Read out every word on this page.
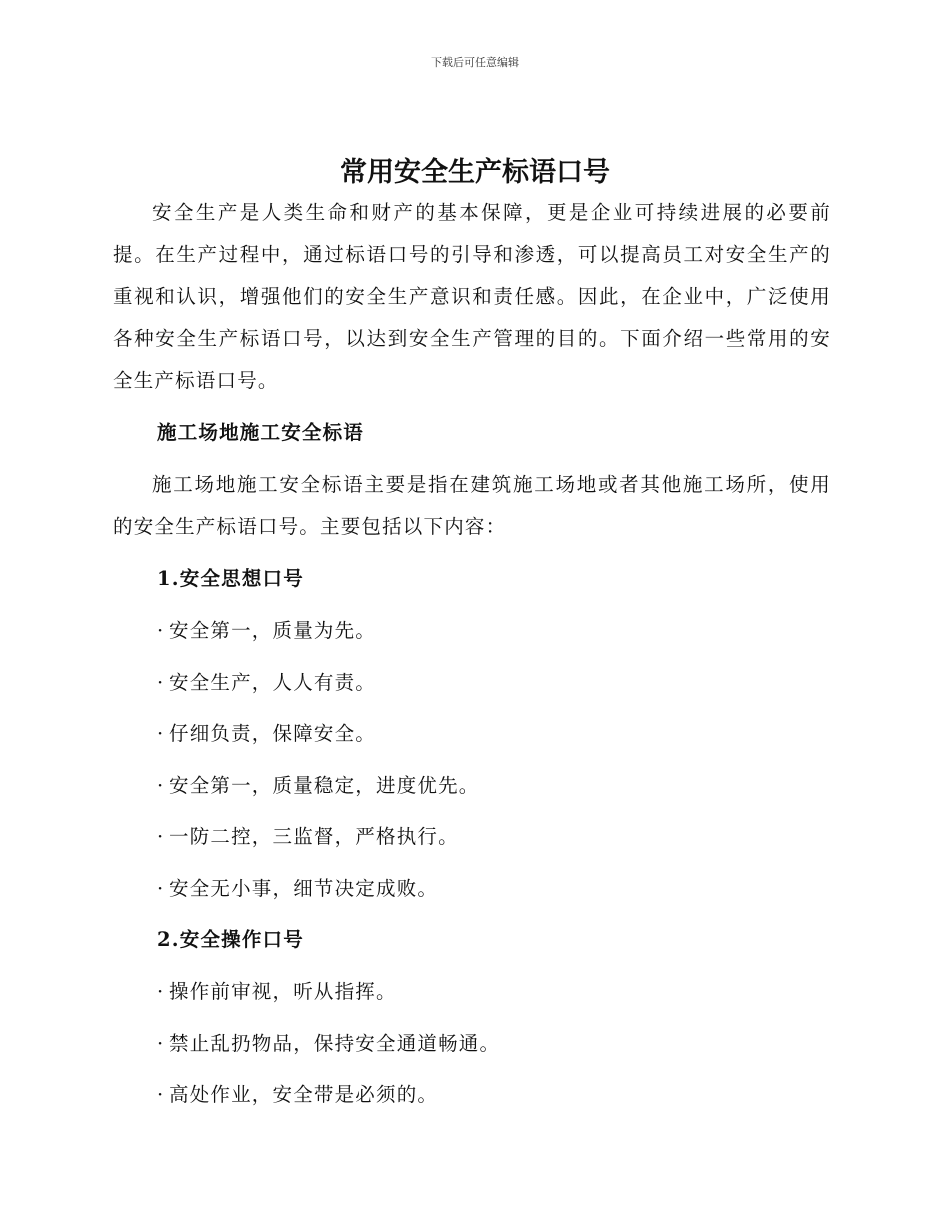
下载后可任意编辑
常用安全生产标语口号

安全生产是人类生命和财产的基本保障，更是企业可持续进展的必要前提。在生产过程中，通过标语口号的引导和渗透，可以提高员工对安全生产的重视和认识，增强他们的安全生产意识和责任感。因此，在企业中，广泛使用各种安全生产标语口号，以达到安全生产管理的目的。下面介绍一些常用的安全生产标语口号。

施工场地施工安全标语

施工场地施工安全标语主要是指在建筑施工场地或者其他施工场所，使用的安全生产标语口号。主要包括以下内容：

1.安全思想口号
· 安全第一，质量为先。
· 安全生产，人人有责。
· 仔细负责，保障安全。
· 安全第一，质量稳定，进度优先。
· 一防二控，三监督，严格执行。
· 安全无小事，细节决定成败。
2.安全操作口号
· 操作前审视，听从指挥。
· 禁止乱扔物品，保持安全通道畅通。
· 高处作业，安全带是必须的。
